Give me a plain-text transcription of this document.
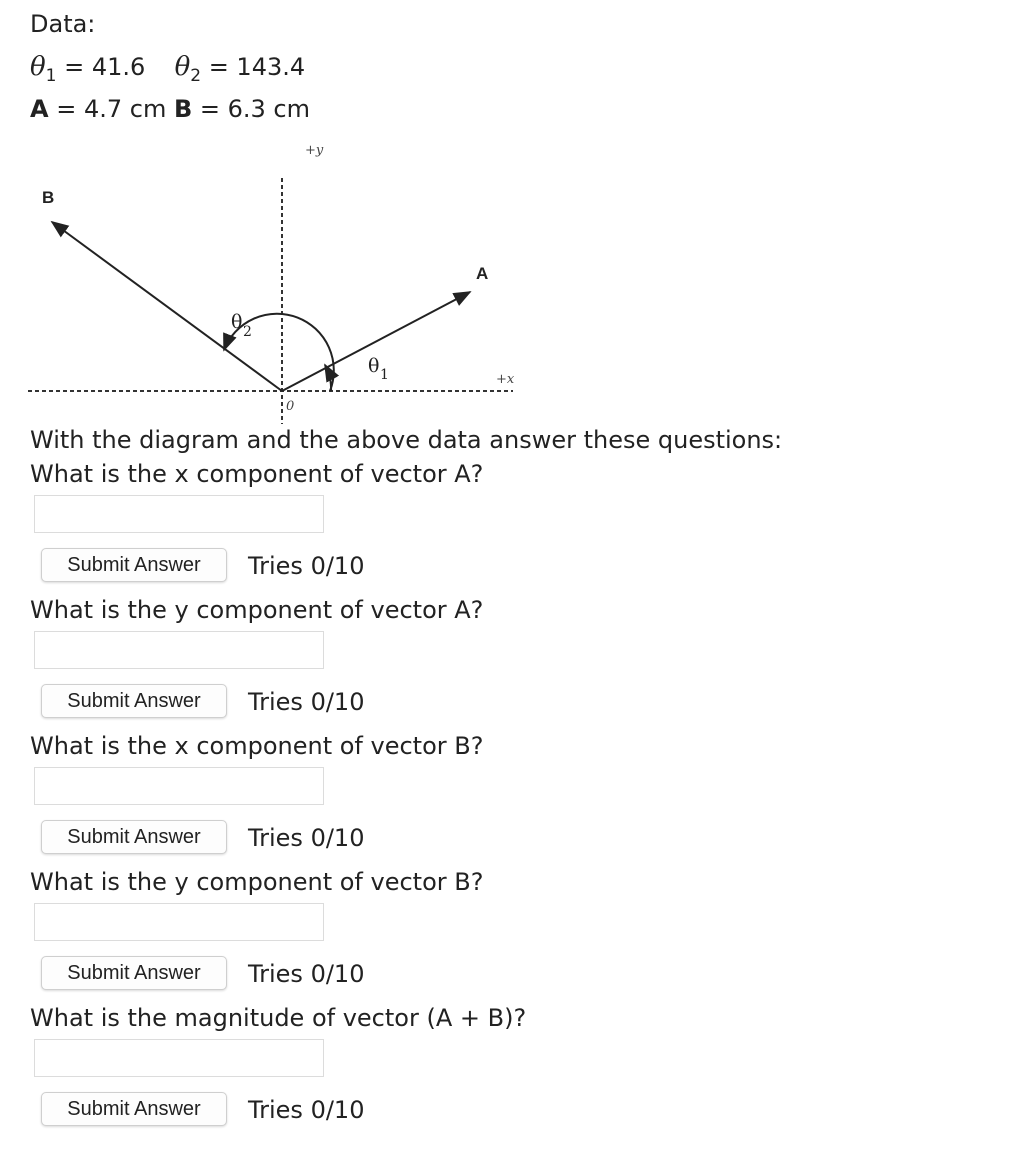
Data:
$\theta_1 = 41.6$ $\theta_2 = 143.4$
A = 4.7 cm B = 6.3 cm
+y
+x
0
A
B
θ 1
θ 2
With the diagram and the above data answer these questions:
What is the x component of vector A?
Submit Answer	Tries 0/10
What is the y component of vector A?
Submit Answer	Tries 0/10
What is the x component of vector B?
Submit Answer	Tries 0/10
What is the y component of vector B?
Submit Answer	Tries 0/10
What is the magnitude of vector (A + B)?
Submit Answer	Tries 0/10
